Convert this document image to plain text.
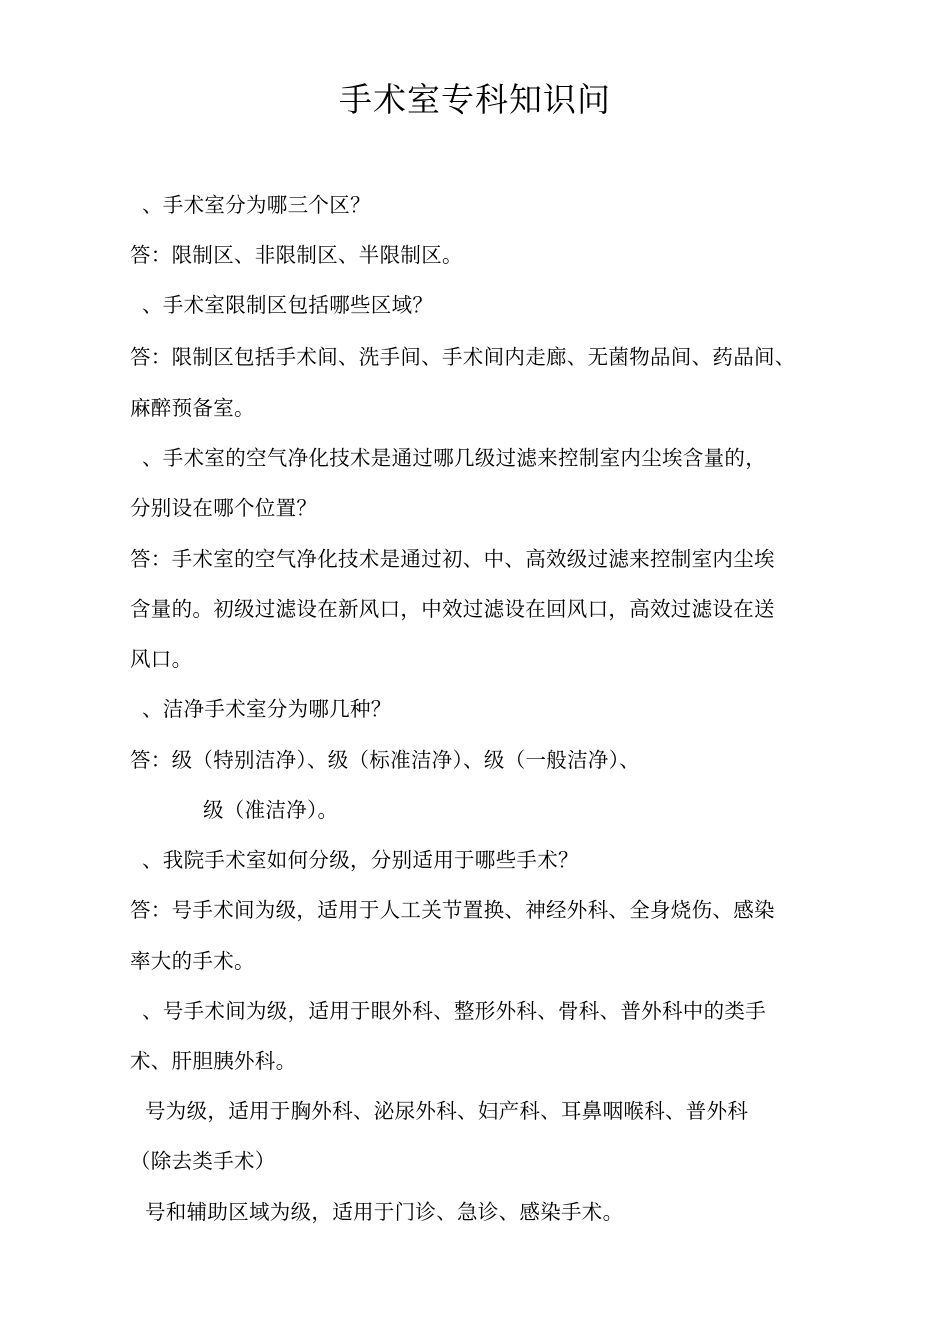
手术室专科知识问
、手术室分为哪三个区？
答：限制区、非限制区、半限制区。
、手术室限制区包括哪些区域？
答：限制区包括手术间、洗手间、手术间内走廊、无菌物品间、药品间、
麻醉预备室。
、手术室的空气净化技术是通过哪几级过滤来控制室内尘埃含量的，
分别设在哪个位置？
答：手术室的空气净化技术是通过初、中、高效级过滤来控制室内尘埃
含量的。初级过滤设在新风口，中效过滤设在回风口，高效过滤设在送
风口。
、洁净手术室分为哪几种？
答：级（特别洁净）、级（标准洁净）、级（一般洁净）、
级（准洁净）。
、我院手术室如何分级，分别适用于哪些手术？
答：号手术间为级，适用于人工关节置换、神经外科、全身烧伤、感染
率大的手术。
、号手术间为级，适用于眼外科、整形外科、骨科、普外科中的类手
术、肝胆胰外科。
号为级，适用于胸外科、泌尿外科、妇产科、耳鼻咽喉科、普外科
（除去类手术）
号和辅助区域为级，适用于门诊、急诊、感染手术。
